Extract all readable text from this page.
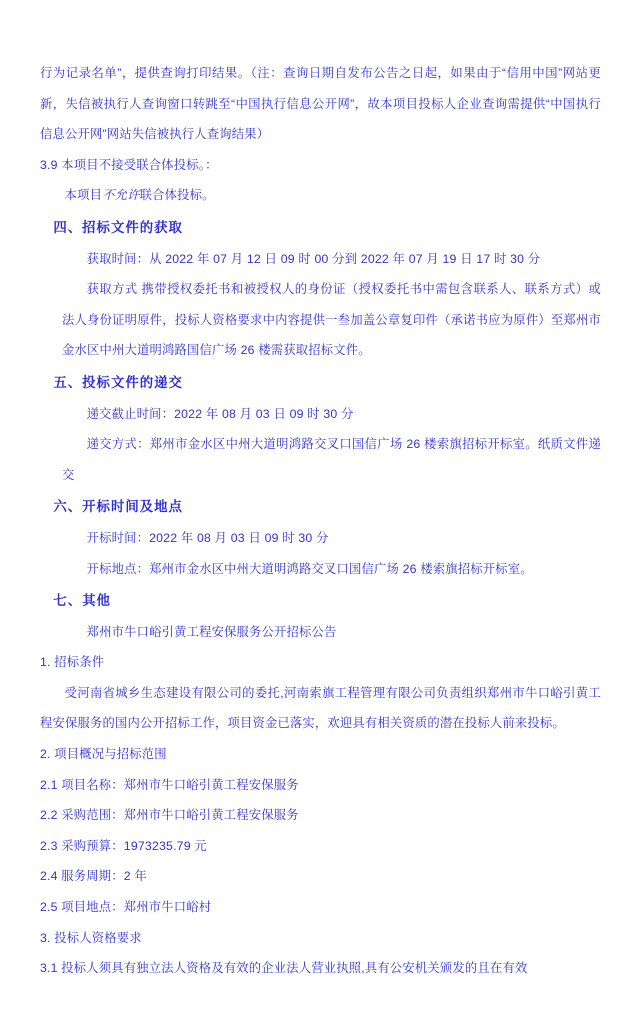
行为记录名单”，提供查询打印结果。（注：查询日期自发布公告之日起，如果由于“信用中国”网站更新，失信被执行人查询窗口转跳至“中国执行信息公开网”，故本项目投标人企业查询需提供“中国执行信息公开网”网站失信被执行人查询结果）

3.9 本项目不接受联合体投标。：

本项目不允许联合体投标。

四、招标文件的获取

获取时间：从 2022 年 07 月 12 日 09 时 00 分到 2022 年 07 月 19 日 17 时 30 分

获取方式 携带授权委托书和被授权人的身份证（授权委托书中需包含联系人、联系方式）或法人身份证明原件，投标人资格要求中内容提供一叁加盖公章复印件（承诺书应为原件）至郑州市金水区中州大道明鸿路国信广场 26 楼需获取招标文件。

五、投标文件的递交

递交截止时间：2022 年 08 月 03 日 09 时 30 分

递交方式：郑州市金水区中州大道明鸿路交叉口国信广场 26 楼索旗招标开标室。纸质文件递交

六、开标时间及地点

开标时间：2022 年 08 月 03 日 09 时 30 分

开标地点：郑州市金水区中州大道明鸿路交叉口国信广场 26 楼索旗招标开标室。

七、其他

郑州市牛口峪引黄工程安保服务公开招标公告

1. 招标条件

受河南省城乡生态建设有限公司的委托,河南索旗工程管理有限公司负责组织郑州市牛口峪引黄工程安保服务的国内公开招标工作，项目资金已落实，欢迎具有相关资质的潜在投标人前来投标。

2. 项目概况与招标范围

2.1 项目名称：郑州市牛口峪引黄工程安保服务

2.2 采购范围：郑州市牛口峪引黄工程安保服务

2.3 采购预算：1973235.79 元

2.4 服务周期：2 年

2.5 项目地点：郑州市牛口峪村

3. 投标人资格要求

3.1 投标人须具有独立法人资格及有效的企业法人营业执照,具有公安机关颁发的且在有效
